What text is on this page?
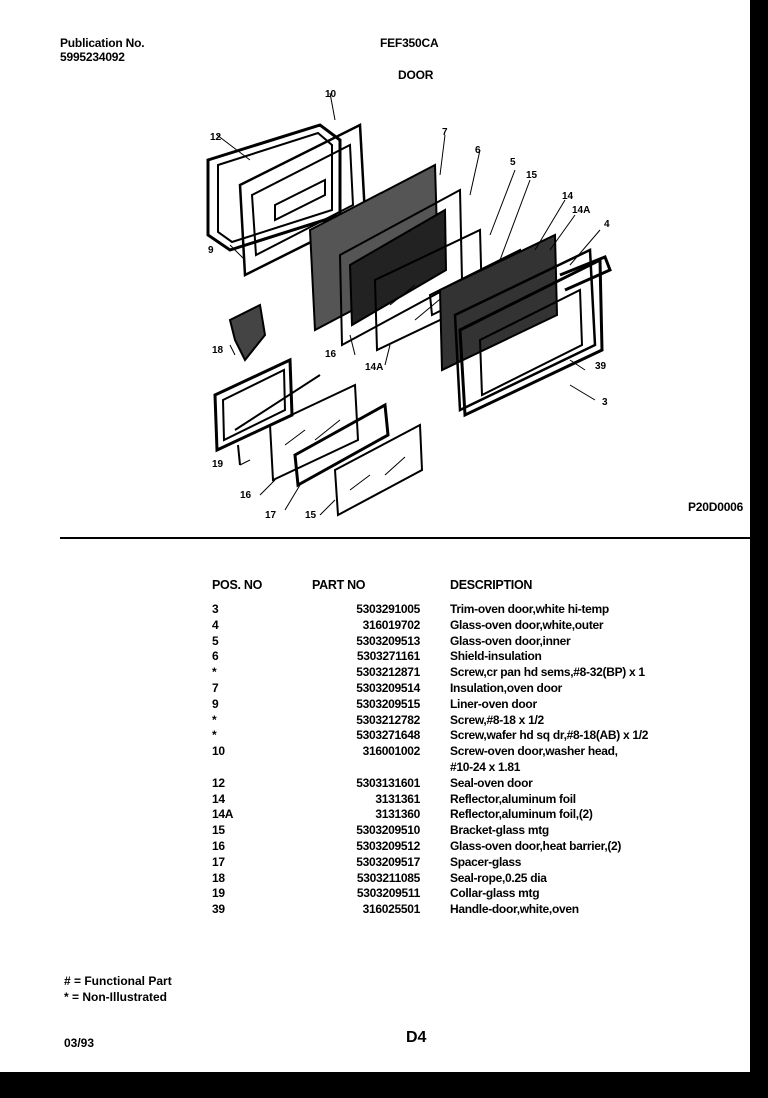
Publication No.
5995234092
FEF350CA
DOOR
10
12	7
6
5
15
14
14A
4
9
16
14A	39
3
18
19
16
17	15
P20D0006
POS. NO	PART NO	DESCRIPTION
3	5303291005	Trim-oven door,white hi-temp
4	316019702	Glass-oven door,white,outer
5	5303209513	Glass-oven door,inner
6	5303271161	Shield-insulation
*	5303212871	Screw,cr pan hd sems,#8-32(BP) x 1
7	5303209514	Insulation,oven door
9	5303209515	Liner-oven door
*	5303212782	Screw,#8-18 x 1/2
*	5303271648	Screw,wafer hd sq dr,#8-18(AB) x 1/2
10	316001002	Screw-oven door,washer head,
		#10-24 x 1.81
12	5303131601	Seal-oven door
14	3131361	Reflector,aluminum foil
14A	3131360	Reflector,aluminum foil,(2)
15	5303209510	Bracket-glass mtg
16	5303209512	Glass-oven door,heat barrier,(2)
17	5303209517	Spacer-glass
18	5303211085	Seal-rope,0.25 dia
19	5303209511	Collar-glass mtg
39	316025501	Handle-door,white,oven
# = Functional Part
* = Non-Illustrated
03/93	D4
